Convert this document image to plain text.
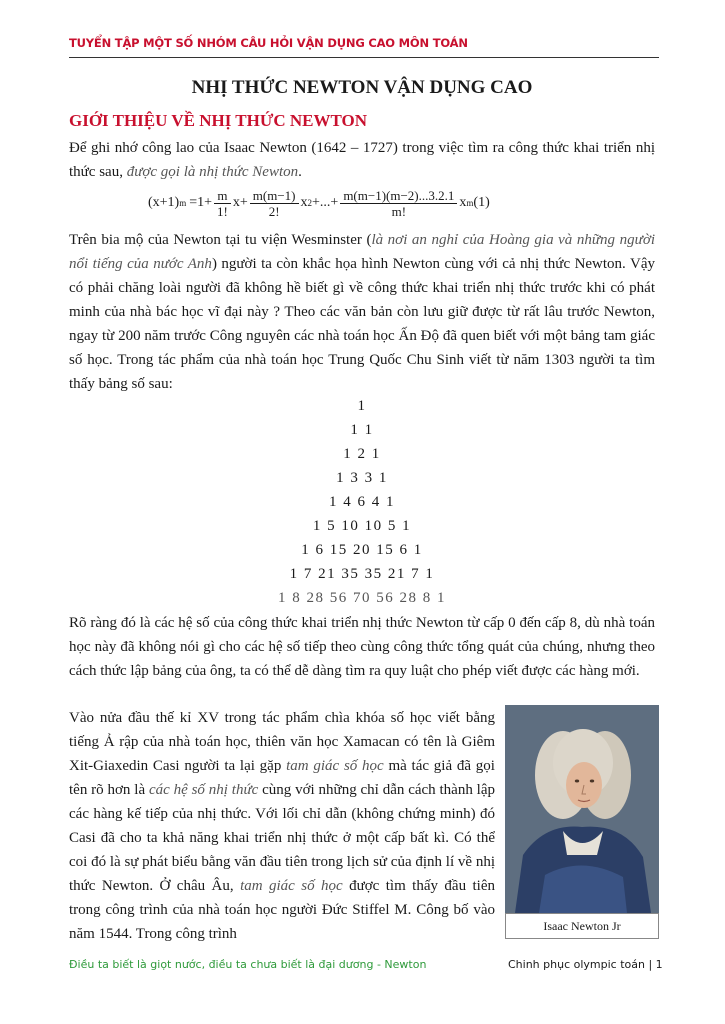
TUYỂN TẬP MỘT SỐ NHÓM CÂU HỎI VẬN DỤNG CAO MÔN TOÁN
NHỊ THỨC NEWTON VẬN DỤNG CAO
GIỚI THIỆU VỀ NHỊ THỨC NEWTON
Để ghi nhớ công lao của Isaac Newton (1642 – 1727) trong việc tìm ra công thức khai triển nhị thức sau, được gọi là nhị thức Newton.
(x+1) $m =1+ \frac{m}{1!} x+ \frac{m(m-1)}{2!}$ x 2 +...+ $\frac{m(m-1)(m-2)...3.2.1}{m!}$ x m (1)
Trên bia mộ của Newton tại tu viện Wesminster (là nơi an nghỉ của Hoàng gia và những người nổi tiếng của nước Anh) người ta còn khắc họa hình Newton cùng với cả nhị thức Newton. Vậy có phải chăng loài người đã không hề biết gì về công thức khai triển nhị thức trước khi có phát minh của nhà bác học vĩ đại này ? Theo các văn bản còn lưu giữ được từ rất lâu trước Newton, ngay từ 200 năm trước Công nguyên các nhà toán học Ấn Độ đã quen biết với một bảng tam giác số học. Trong tác phẩm của nhà toán học Trung Quốc Chu Sinh viết từ năm 1303 người ta tìm thấy bảng số sau:
1
1 1
1 2 1
1 3 3 1
1 4 6 4 1
1 5 10 10 5 1
1 6 15 20 15 6 1
1 7 21 35 35 21 7 1
1 8 28 56 70 56 28 8 1
Rõ ràng đó là các hệ số của công thức khai triển nhị thức Newton từ cấp 0 đến cấp 8, dù nhà toán học này đã không nói gì cho các hệ số tiếp theo cùng công thức tổng quát của chúng, nhưng theo cách thức lập bảng của ông, ta có thể dễ dàng tìm ra quy luật cho phép viết được các hàng mới.
Vào nửa đầu thế kỉ XV trong tác phẩm chìa khóa số học viết bằng tiếng Ả rập của nhà toán học, thiên văn học Xamacan có tên là Giêm Xit-Giaxedin Casi người ta lại gặp tam giác số học mà tác giả đã gọi tên rõ hơn là các hệ số nhị thức cùng với những chỉ dẫn cách thành lập các hàng kế tiếp của nhị thức. Với lối chỉ dẫn (không chứng minh) đó Casi đã cho ta khả năng khai triển nhị thức ở một cấp bất kì. Có thể coi đó là sự phát biểu bằng văn đầu tiên trong lịch sử của định lí về nhị thức Newton. Ở châu Âu, tam giác số học được tìm thấy đầu tiên trong công trình của nhà toán học người Đức Stiffel M. Công bố vào năm 1544. Trong công trình	Isaac Newton Jr
Điều ta biết là giọt nước, điều ta chưa biết là đại dương - Newton	Chinh phục olympic toán | 1
